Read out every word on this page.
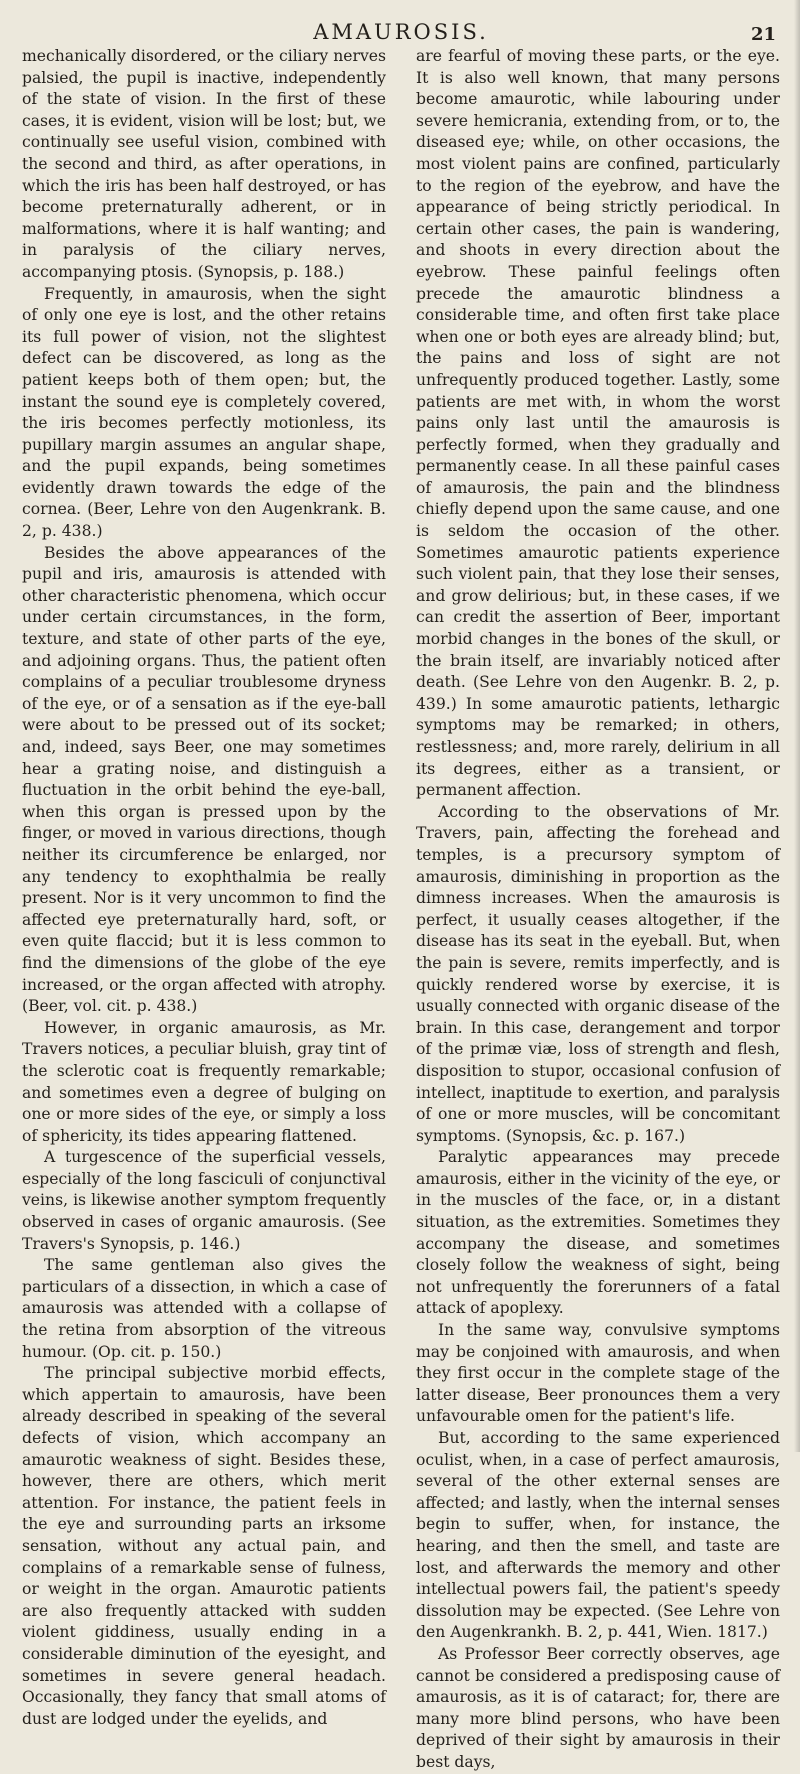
AMAUROSIS.	21

mechanically disordered, or the ciliary nerves palsied, the pupil is inactive, independently of the state of vision. In the first of these cases, it is evident, vision will be lost; but, we continually see useful vision, combined with the second and third, as after operations, in which the iris has been half destroyed, or has become preternaturally adherent, or in malformations, where it is half wanting; and in paralysis of the ciliary nerves, accompanying ptosis. (Synopsis, p. 188.)

Frequently, in amaurosis, when the sight of only one eye is lost, and the other retains its full power of vision, not the slightest defect can be discovered, as long as the patient keeps both of them open; but, the instant the sound eye is completely covered, the iris becomes perfectly motionless, its pupillary margin assumes an angular shape, and the pupil expands, being sometimes evidently drawn towards the edge of the cornea. (Beer, Lehre von den Augenkrank. B. 2, p. 438.)

Besides the above appearances of the pupil and iris, amaurosis is attended with other characteristic phenomena, which occur under certain circumstances, in the form, texture, and state of other parts of the eye, and adjoining organs. Thus, the patient often complains of a peculiar troublesome dryness of the eye, or of a sensation as if the eye-ball were about to be pressed out of its socket; and, indeed, says Beer, one may sometimes hear a grating noise, and distinguish a fluctuation in the orbit behind the eye-ball, when this organ is pressed upon by the finger, or moved in various directions, though neither its circumference be enlarged, nor any tendency to exophthalmia be really present. Nor is it very uncommon to find the affected eye preternaturally hard, soft, or even quite flaccid; but it is less common to find the dimensions of the globe of the eye increased, or the organ affected with atrophy. (Beer, vol. cit. p. 438.)

However, in organic amaurosis, as Mr. Travers notices, a peculiar bluish, gray tint of the sclerotic coat is frequently remarkable; and sometimes even a degree of bulging on one or more sides of the eye, or simply a loss of sphericity, its tides appearing flattened.

A turgescence of the superficial vessels, especially of the long fasciculi of conjunctival veins, is likewise another symptom frequently observed in cases of organic amaurosis. (See Travers's Synopsis, p. 146.)

The same gentleman also gives the particulars of a dissection, in which a case of amaurosis was attended with a collapse of the retina from absorption of the vitreous humour. (Op. cit. p. 150.)

The principal subjective morbid effects, which appertain to amaurosis, have been already described in speaking of the several defects of vision, which accompany an amaurotic weakness of sight. Besides these, however, there are others, which merit attention. For instance, the patient feels in the eye and surrounding parts an irksome sensation, without any actual pain, and complains of a remarkable sense of fulness, or weight in the organ. Amaurotic patients are also frequently attacked with sudden violent giddiness, usually ending in a considerable diminution of the eyesight, and sometimes in severe general headach. Occasionally, they fancy that small atoms of dust are lodged under the eyelids, and

are fearful of moving these parts, or the eye. It is also well known, that many persons become amaurotic, while labouring under severe hemicrania, extending from, or to, the diseased eye; while, on other occasions, the most violent pains are confined, particularly to the region of the eyebrow, and have the appearance of being strictly periodical. In certain other cases, the pain is wandering, and shoots in every direction about the eyebrow. These painful feelings often precede the amaurotic blindness a considerable time, and often first take place when one or both eyes are already blind; but, the pains and loss of sight are not unfrequently produced together. Lastly, some patients are met with, in whom the worst pains only last until the amaurosis is perfectly formed, when they gradually and permanently cease. In all these painful cases of amaurosis, the pain and the blindness chiefly depend upon the same cause, and one is seldom the occasion of the other. Sometimes amaurotic patients experience such violent pain, that they lose their senses, and grow delirious; but, in these cases, if we can credit the assertion of Beer, important morbid changes in the bones of the skull, or the brain itself, are invariably noticed after death. (See Lehre von den Augenkr. B. 2, p. 439.) In some amaurotic patients, lethargic symptoms may be remarked; in others, restlessness; and, more rarely, delirium in all its degrees, either as a transient, or permanent affection.

According to the observations of Mr. Travers, pain, affecting the forehead and temples, is a precursory symptom of amaurosis, diminishing in proportion as the dimness increases. When the amaurosis is perfect, it usually ceases altogether, if the disease has its seat in the eyeball. But, when the pain is severe, remits imperfectly, and is quickly rendered worse by exercise, it is usually connected with organic disease of the brain. In this case, derangement and torpor of the primæ viæ, loss of strength and flesh, disposition to stupor, occasional confusion of intellect, inaptitude to exertion, and paralysis of one or more muscles, will be concomitant symptoms. (Synopsis, &c. p. 167.)

Paralytic appearances may precede amaurosis, either in the vicinity of the eye, or in the muscles of the face, or, in a distant situation, as the extremities. Sometimes they accompany the disease, and sometimes closely follow the weakness of sight, being not unfrequently the forerunners of a fatal attack of apoplexy.

In the same way, convulsive symptoms may be conjoined with amaurosis, and when they first occur in the complete stage of the latter disease, Beer pronounces them a very unfavourable omen for the patient's life.

But, according to the same experienced oculist, when, in a case of perfect amaurosis, several of the other external senses are affected; and lastly, when the internal senses begin to suffer, when, for instance, the hearing, and then the smell, and taste are lost, and afterwards the memory and other intellectual powers fail, the patient's speedy dissolution may be expected. (See Lehre von den Augenkrankh. B. 2, p. 441, Wien. 1817.)

As Professor Beer correctly observes, age cannot be considered a predisposing cause of amaurosis, as it is of cataract; for, there are many more blind persons, who have been deprived of their sight by amaurosis in their best days,
